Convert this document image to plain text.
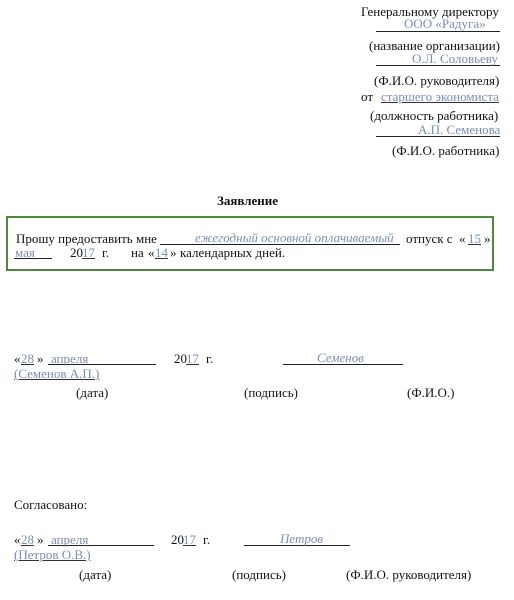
Генеральному директору
ООО «Радуга»
(название организации)
О.Л. Соловьеву
(Ф.И.О. руководителя)
от старшего экономиста
(должность работника)
А.П. Семенова
(Ф.И.О. работника)
Заявление
Прошу предоставить мне	ежегодный основной оплачиваемый отпуск с « 15 »
мая	20 17 г. на « 14 » календарных дней.
« 28 » апреля	20 17 г.	Семенов
(Семенов А.П.)
(дата)	(подпись)	(Ф.И.О.)
Согласовано:
« 28 » апреля	20 17 г.	Петров
(Петров О.В.)
(дата)	(подпись)	(Ф.И.О. руководителя)
